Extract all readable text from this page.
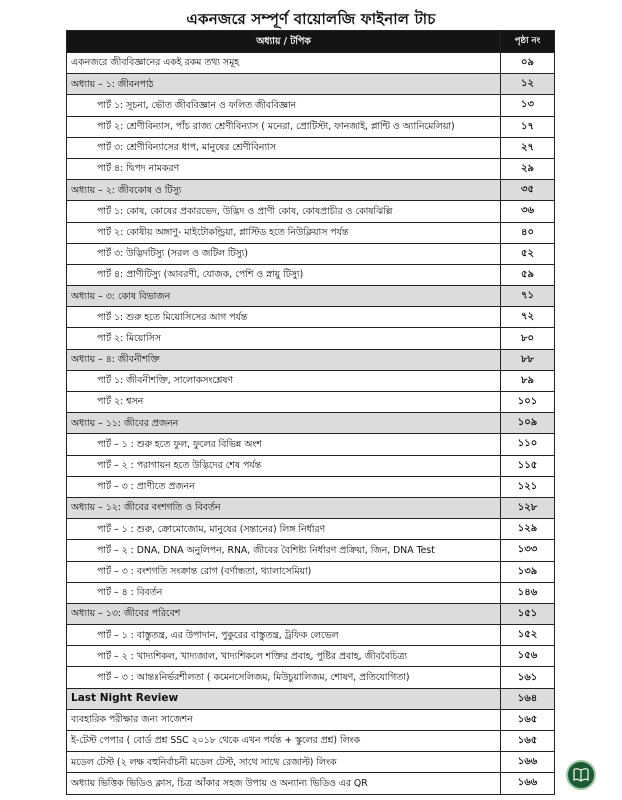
একনজরে সম্পূর্ণ বায়োলজি ফাইনাল টাচ
অধ্যায় / টপিক	পৃষ্ঠা নং
একনজরে জীববিজ্ঞানের একই রকম তথ্য সমূহ	০৯
অধ্যায় – ১: জীবনপাঠ	১২
পার্ট ১: সূচনা, ভৌত জীববিজ্ঞান ও ফলিত জীববিজ্ঞান	১৩
পার্ট ২: শ্রেণীবিন্যাস, পাঁচ রাজ্য শ্রেণীবিন্যাস ( মনেরা, প্রোটিস্টা, ফানজাই, প্লান্টি ও অ্যানিমেলিয়া)	১৭
পার্ট ৩: শ্রেণীবিন্যাসের ধাপ, মানুষের শ্রেণীবিন্যাস	২৭
পার্ট ৪: দ্বিপদ নামকরণ	২৯
অধ্যায় – ২: জীবকোষ ও টিস্যু	৩৫
পার্ট ১: কোষ, কোষের প্রকারভেদ, উদ্ভিদ ও প্রাণী কোষ, কোষপ্রাচীর ও কোষঝিল্লি	৩৬
পার্ট ২: কোষীয় অঙ্গাণু- মাইটোকন্ড্রিয়া, প্লাস্টিড হতে নিউক্লিয়াস পর্যন্ত	৪০
পার্ট ৩: উদ্ভিদটিস্যু (সরল ও জটিল টিস্যু)	৫২
পার্ট ৪: প্রাণীটিস্যু (আবরণী, যোজক, পেশি ও স্নায়ু টিস্যু)	৫৯
অধ্যায় – ৩: কোষ বিভাজন	৭১
পার্ট ১: শুরু হতে মিয়োসিসের আগ পর্যন্ত	৭২
পার্ট ২: মিয়োসিস	৮০
অধ্যায় – ৪: জীবনীশক্তি	৮৮
পার্ট ১: জীবনীশক্তি, সালোকসংশ্লেষণ	৮৯
পার্ট ২: শ্বসন	১০১
অধ্যায় – ১১: জীবের প্রজনন	১০৯
পার্ট – ১ : শুরু হতে ফুল, ফুলের বিভিন্ন অংশ	১১০
পার্ট – ২ : পরাগায়ন হতে উদ্ভিদের শেষ পর্যন্ত	১১৫
পার্ট – ৩ : প্রাণীতে প্রজনন	১২১
অধ্যায় – ১২: জীবের বংশগতি ও বিবর্তন	১২৮
পার্ট – ১ : শুরু, ক্রোমোজোম, মানুষের (সন্তানের) লিঙ্গ নির্ধারণ	১২৯
পার্ট – ২ : DNA, DNA অনুলিপন, RNA, জীবের বৈশিষ্ট্য নির্ধারণ প্রক্রিয়া, জিন, DNA Test	১৩৩
পার্ট – ৩ : বংশগতি সংক্রান্ত রোগ (বর্ণান্ধতা, থ্যালাসেমিয়া)	১৩৯
পার্ট – ৪ : বিবর্তন	১৪৬
অধ্যায় – ১৩: জীবের পরিবেশ	১৫১
পার্ট – ১ : বাস্তুতন্ত্র, এর উপাদান, পুকুরের বাস্তুতন্ত্র, ট্রফিক লেভেল	১৫২
পার্ট – ২ : খাদ্যশিকল, খাদ্যজাল, খাদ্যশিকলে শক্তির প্রবাহ, পুষ্টির প্রবাহ, জীববৈচিত্র্য	১৫৬
পার্ট – ৩ : আন্তঃনির্ভরশীলতা ( কমেনসেলিজম, মিউচুয়ালিজম, শোষণ, প্রতিযোগিতা)	১৬১
Last Night Review	১৬৪
ব্যবহারিক পরীক্ষার জন্য সাজেশন	১৬৫
ই-টেস্ট পেপার ( বোর্ড প্রশ্ন SSC ২০১৮ থেকে এখন পর্যন্ত + স্কুলের প্রশ্ন) লিংক	১৬৫
মডেল টেস্ট (২ লক্ষ বহুনির্বাচনী মডেল টেস্ট, সাথে সাথে রেজাল্ট) লিংক	১৬৬
অধ্যায় ভিত্তিক ভিডিও ক্লাস, চিত্র আঁকার সহজ উপায় ও অন্যান্য ভিডিও এর QR	১৬৬
